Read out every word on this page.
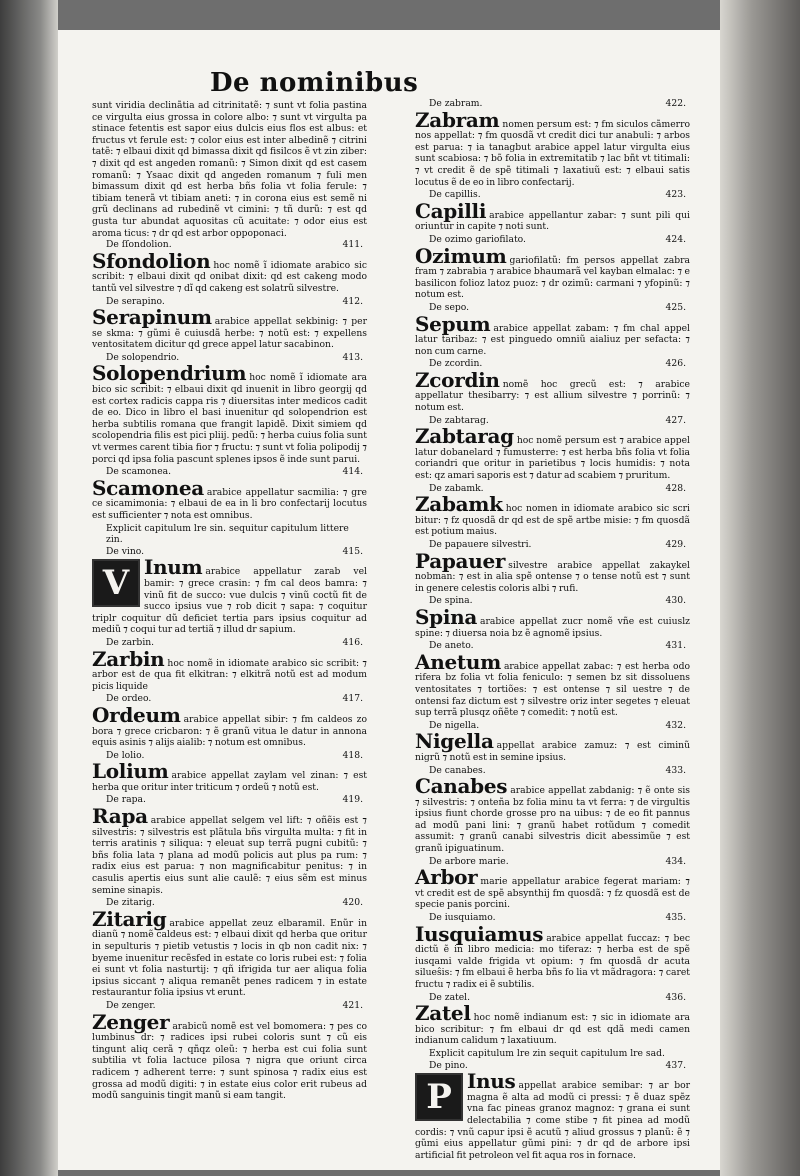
De nominibus

sunt viridia declinãtia ad citrinitatẽ: ⁊ sunt vt folia pastina ce virgulta eius grossa in colore albo: ⁊ sunt vt virgulta pa stinace fetentis est sapor eius dulcis eius flos est albus: et fructus vt ferule est: ⁊ color eius est inter albedinẽ ⁊ citrini tatẽ: ⁊ elbaui dixit qd bimassa dixit qd fisilcos ẽ vt zin ziber: ⁊ dixit qd est angeden romanũ: ⁊ Simon dixit qd est casem romanũ: ⁊ Ysaac dixit qd angeden romanum ⁊ fuli men bimassum dixit qd est herba bñs folia vt folia ferule: ⁊ tibiam tenerã vt tibiam aneti: ⁊ in corona eius est semẽ ni grũ declinans ad rubedinẽ vt cimini: ⁊ tñ durũ: ⁊ est qd gusta tur abundat aquositas cũ acuitate: ⁊ odor eius est aroma ticus: ⁊ dr qd est arbor oppoponaci.

De ſſondolion.	411.

Sfondolion hoc nomẽ ĩ idiomate arabico sic scribit: ⁊ elbaui dixit qd onibat dixit: qd est cakeng modo tantũ vel silvestre ⁊ dĩ qd cakeng est solatrũ silvestre.

De serapino.	412.

Serapinum arabice appellat sekbinig: ⁊ per se skma: ⁊ gũmi ẽ cuiusdã herbe: ⁊ notũ est: ⁊ expellens ventositatem dicitur qd grece appel latur sacabinon.

De solopendrio.	413.

Solopendrium hoc nomẽ ĩ idiomate ara bico sic scribit: ⁊ elbaui dixit qd inuenit in libro georgij qd est cortex radicis cappa ris ⁊ diuersitas inter medicos cadit de eo. Dico in libro el basi inuenitur qd solopendrion est herba subtilis romana que frangit lapidẽ. Dixit simiem qd scolopendria filis est pici pliij. pedũ: ⁊ herba cuius folia sunt vt vermes carent tibia fior ⁊ fructu: ⁊ sunt vt folia polipodij ⁊ porci qd ipsa folia pascunt splenes ipsos ẽ inde sunt parui.

De scamonea.	414.

Scamonea arabice appellatur sacmilia: ⁊ gre ce sicamimonia: ⁊ elbaui de ea in li bro confectarij locutus est sufficienter ⁊ nota est omnibus.

Explicit capitulum lre sin. sequitur capitulum littere zin.
De vino.	415.

V Inum arabice appellatur zarab vel bamir: ⁊ grece crasin: ⁊ fm cal deos bamra: ⁊ vinũ fit de succo: vue dulcis ⁊ vinũ coctũ fit de succo ipsius vue ⁊ rob dicit ⁊ sapa: ⁊ coquitur triplr coquitur dũ deficiet tertia pars ipsius coquitur ad mediũ ⁊ coqui tur ad tertiã ⁊ illud dr sapium.

De zarbin.	416.

Zarbin hoc nomẽ in idiomate arabico sic scribit: ⁊ arbor est de qua fit elkitran: ⁊ elkitrã notũ est ad modum picis liquide

De ordeo.	417.

Ordeum arabice appellat sibir: ⁊ fm caldeos zo bora ⁊ grece cricbaron: ⁊ ẽ granũ vitua le datur in annona equis asinis ⁊ alijs aialib: ⁊ notum est omnibus.

De lolio.	418.

Lolium arabice appellat zaylam vel zinan: ⁊ est herba que oritur inter triticum ⁊ ordeũ ⁊ notũ est.

De rapa.	419.

Rapa arabice appellat selgem vel lift: ⁊ oñẽis est ⁊ silvestris: ⁊ silvestris est plãtula bñs virgulta multa: ⁊ fit in terris aratinis ⁊ siliqua: ⁊ eleuat sup terrã pugni cubitũ: ⁊ bñs folia lata ⁊ plana ad modũ policis aut plus pa rum: ⁊ radix eius est parua: ⁊ non magnificabitur penitus: ⁊ in casulis apertis eius sunt alie caulẽ: ⁊ eius sẽm est minus semine sinapis.

De zitarig.	420.

Zitarig arabice appellat zeuz elbaramil. Enũr in dianũ ⁊ nomẽ caldeus est: ⁊ elbaui dixit qd herba que oritur in sepulturis ⁊ pietib vetustis ⁊ locis in qb non cadit nix: ⁊ byeme inuenitur recẽsfed in estate co loris rubei est: ⁊ folia ei sunt vt folia nasturtij: ⁊ qñ ifrigida tur aer aliqua folia ipsius siccant ⁊ aliqua remanẽt penes radicem ⁊ in estate restaurantur folia ipsius vt erunt.

De zenger.	421.

Zenger arabicũ nomẽ est vel bomomera: ⁊ pes co lumbinus dr: ⁊ radices ipsi rubei coloris sunt ⁊ cũ eis tingunt aliq cerã ⁊ qñqz oleũ: ⁊ herba est cui folia sunt subtilia vt folia lactuce pilosa ⁊ nigra que oriunt circa radicem ⁊ adherent terre: ⁊ sunt spinosa ⁊ radix eius est grossa ad modũ digiti: ⁊ in estate eius color erit rubeus ad modũ sanguinis tingit manũ si eam tangit.

De zabram.	422.

Zabram nomen persum est: ⁊ fm siculos cãmerro nos appellat: ⁊ fm quosdã vt credit dici tur anabuli: ⁊ arbos est parua: ⁊ ia tanagbut arabice appel latur virgulta eius sunt scabiosa: ⁊ bõ folia in extremitatib ⁊ lac bñt vt titimali: ⁊ vt credit ẽ de spẽ titimali ⁊ laxatiuũ est: ⁊ elbaui satis locutus ẽ de eo in libro confectarij.

De capillis.	423.

Capilli arabice appellantur zabar: ⁊ sunt pili qui oriuntur in capite ⁊ noti sunt.

De ozimo gariofilato.	424.

Ozimum gariofilatũ: fm persos appellat zabra fram ⁊ zabrabia ⁊ arabice bhaumarã vel kayban elmalac: ⁊ e basilicon folioz latoz puoz: ⁊ dr ozimũ: carmani ⁊ yfopinũ: ⁊ notum est.

De sepo.	425.

Sepum arabice appellat zabam: ⁊ fm chal appel latur taribaz: ⁊ est pinguedo omniũ aialiuz per sefacta: ⁊ non cum carne.

De zcordin.	426.

Zcordin nomẽ hoc grecũ est: ⁊ arabice appellatur thesibarry: ⁊ est allium silvestre ⁊ porrinũ: ⁊ notum est.

De zabtarag.	427.

Zabtarag hoc nomẽ persum est ⁊ arabice appel latur dobanelard ⁊ fumusterre: ⁊ est herba bñs folia vt folia coriandri que oritur in parietibus ⁊ locis humidis: ⁊ nota est: qz amari saporis est ⁊ datur ad scabiem ⁊ pruritum.

De zabamk.	428.

Zabamk hoc nomen in idiomate arabico sic scri bitur: ⁊ fz quosdã dr qd est de spẽ artbe misie: ⁊ fm quosdã est potium maius.

De papauere silvestri.	429.

Papauer silvestre arabice appellat zakaykel nobman: ⁊ est in alia spẽ ontense ⁊ o tense notũ est ⁊ sunt in genere celestis coloris albi ⁊ rufi.

De spina.	430.

Spina arabice appellat zucr nomẽ vñe est cuiuslz spine: ⁊ diuersa noia bz ẽ agnomẽ ipsius.

De aneto.	431.

Anetum arabice appellat zabac: ⁊ est herba odo rifera bz folia vt folia feniculo: ⁊ semen bz sit dissoluens ventositates ⁊ tortiões: ⁊ est ontense ⁊ sil uestre ⁊ de ontensi faz dictum est ⁊ silvestre oriz inter segetes ⁊ eleuat sup terrã plusqz oñẽte ⁊ comedit: ⁊ notũ est.

De nigella.	432.

Nigella appellat arabice zamuz: ⁊ est ciminũ nigrũ ⁊ notũ est in semine ipsius.

De canabes.	433.

Canabes arabice appellat zabdanig: ⁊ ẽ onte sis ⁊ silvestris: ⁊ onteña bz folia minu ta vt ferra: ⁊ de virgultis ipsius fiunt chorde grosse pro na uibus: ⁊ de eo fit pannus ad modũ pani lini: ⁊ granũ habet rotũdum ⁊ comedit assumit: ⁊ granũ canabi silvestris dicit abessimũe ⁊ est granũ ipiguatinum.

De arbore marie.	434.

Arbor marie appellatur arabice fegerat mariam: ⁊ vt credit est de spẽ absynthij fm quosdã: ⁊ fz quosdã est de specie panis porcini.

De iusquiamo.	435.

Iusquiamus arabice appellat fuccaz: ⁊ bec dictũ ẽ in libro medicia: mo tiferaz: ⁊ herba est de spẽ iusqami valde frigida vt opium: ⁊ fm quosdã dr acuta silueŝis: ⁊ fm elbaui ẽ herba bñs fo lia vt mãdragora: ⁊ caret fructu ⁊ radix ei ẽ subtilis.

De zatel.	436.

Zatel hoc nomẽ indianum est: ⁊ sic in idiomate ara bico scribitur: ⁊ fm elbaui dr qd est qdã medi camen indianum calidum ⁊ laxatiuum.

Explicit capitulum lre zin sequit capitulum lre sad.
De pino.	437.

P Inus appellat arabice semibar: ⁊ ar bor magna ẽ alta ad modũ ci pressi: ⁊ ẽ duaz spẽz vna fac pineas granoz magnoz: ⁊ grana ei sunt delectabilia ⁊ come stibe ⁊ fit pinea ad modũ cordis: ⁊ vnũ capur ipsi ẽ acutũ ⁊ aliud grossus ⁊ planũ: ẽ ⁊ gũmi eius appellatur gũmi pini: ⁊ dr qd de arbore ipsi artificial fit petroleon vel fit aqua ros in fornace.
